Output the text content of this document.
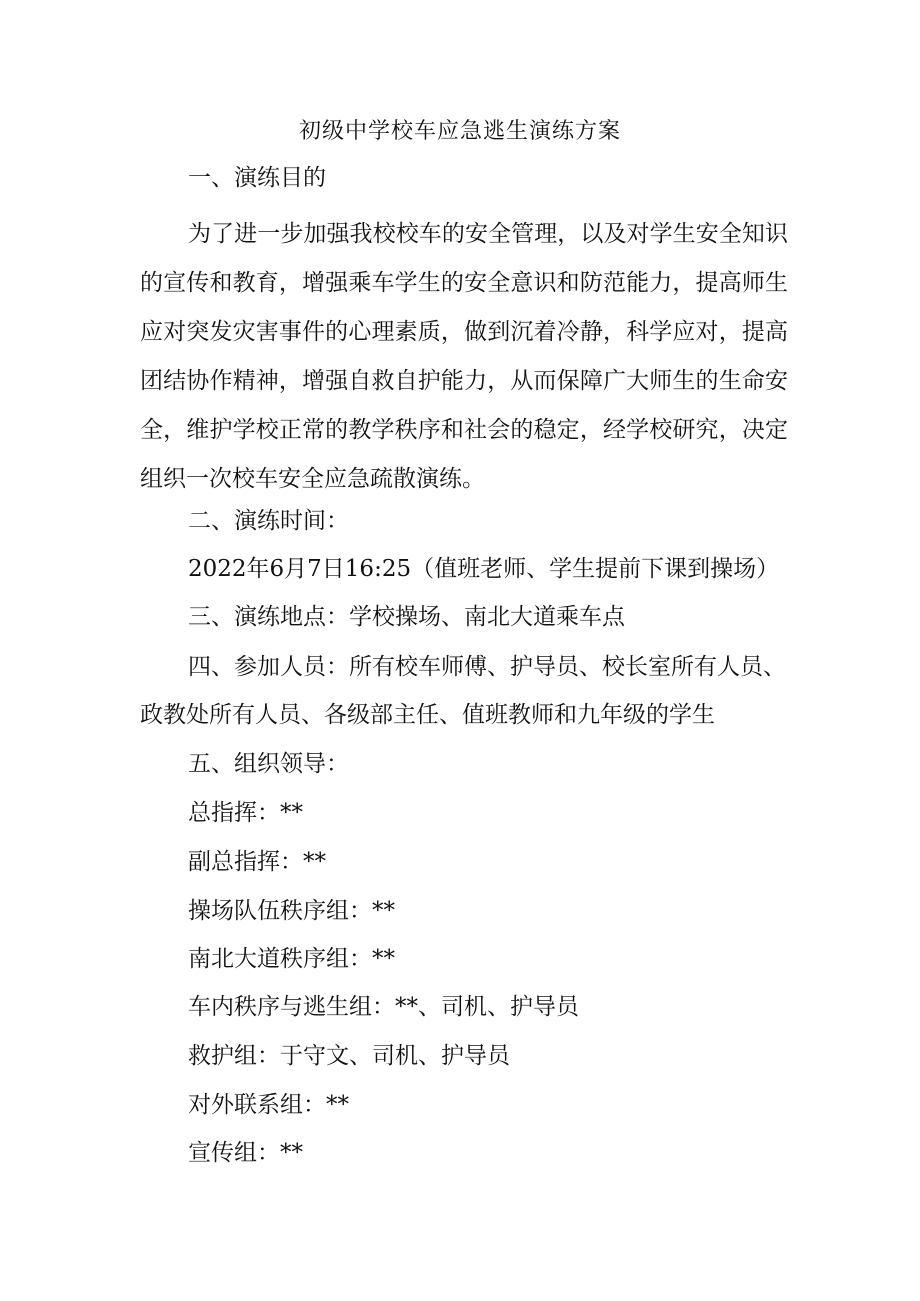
初级中学校车应急逃生演练方案
一、演练目的
为了进一步加强我校校车的安全管理，以及对学生安全知识的宣传和教育，增强乘车学生的安全意识和防范能力，提高师生应对突发灾害事件的心理素质，做到沉着冷静，科学应对，提高团结协作精神，增强自救自护能力，从而保障广大师生的生命安全，维护学校正常的教学秩序和社会的稳定，经学校研究，决定组织一次校车安全应急疏散演练。
二、演练时间：
2022年6月7日16:25（值班老师、学生提前下课到操场）
三、演练地点：学校操场、南北大道乘车点
四、参加人员：所有校车师傅、护导员、校长室所有人员、
政教处所有人员、各级部主任、值班教师和九年级的学生
五、组织领导：
总指挥：**
副总指挥：**
操场队伍秩序组：**
南北大道秩序组：**
车内秩序与逃生组：**、司机、护导员
救护组：于守文、司机、护导员
对外联系组：**
宣传组：**
